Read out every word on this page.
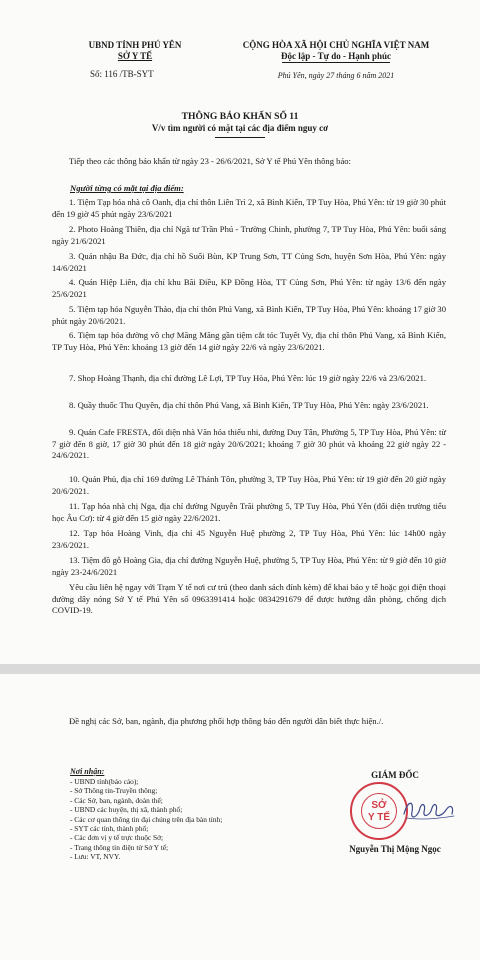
UBND TỈNH PHÚ YÊN
SỞ Y TẾ
Số: 116 /TB-SYT
CỘNG HÒA XÃ HỘI CHỦ NGHĨA VIỆT NAM
Độc lập - Tự do - Hạnh phúc
Phú Yên, ngày 27 tháng 6 năm 2021
THÔNG BÁO KHẨN SỐ 11
V/v tìm người có mặt tại các địa điểm nguy cơ

Tiếp theo các thông báo khẩn từ ngày 23 - 26/6/2021, Sở Y tế Phú Yên thông báo:

Người từng có mặt tại địa điểm:

1. Tiệm Tạp hóa nhà cô Oanh, địa chỉ thôn Liên Trì 2, xã Bình Kiến, TP Tuy Hòa, Phú Yên: từ 19 giờ 30 phút đến 19 giờ 45 phút ngày 23/6/2021

2. Photo Hoàng Thiên, địa chỉ Ngã tư Trần Phú - Trường Chinh, phường 7, TP Tuy Hòa, Phú Yên: buổi sáng ngày 21/6/2021

3. Quán nhậu Ba Đức, địa chỉ hồ Suối Bùn, KP Trung Sơn, TT Củng Sơn, huyện Sơn Hòa, Phú Yên: ngày 14/6/2021

4. Quán Hiệp Liên, địa chỉ khu Bãi Điều, KP Đồng Hòa, TT Củng Sơn, Phú Yên: từ ngày 13/6 đến ngày 25/6/2021

5. Tiệm tạp hóa Nguyễn Thảo, địa chỉ thôn Phú Vang, xã Bình Kiến, TP Tuy Hòa, Phú Yên: khoảng 17 giờ 30 phút ngày 20/6/2021.

6. Tiệm tạp hóa đường vô chợ Măng Măng gần tiệm cắt tóc Tuyết Vy, địa chỉ thôn Phú Vang, xã Bình Kiến, TP Tuy Hòa, Phú Yên: khoảng 13 giờ đến 14 giờ ngày 22/6 và ngày 23/6/2021.

7. Shop Hoàng Thạnh, địa chỉ đường Lê Lợi, TP Tuy Hòa, Phú Yên: lúc 19 giờ ngày 22/6 và 23/6/2021.

8. Quầy thuốc Thu Quyên, địa chỉ thôn Phú Vang, xã Bình Kiến, TP Tuy Hòa, Phú Yên: ngày 23/6/2021.

9. Quán Cafe FRESTA, đối diện nhà Văn hóa thiếu nhi, đường Duy Tân, Phường 5, TP Tuy Hòa, Phú Yên: từ 7 giờ đến 8 giờ, 17 giờ 30 phút đến 18 giờ ngày 20/6/2021; khoảng 7 giờ 30 phút và khoảng 22 giờ ngày 22 - 24/6/2021.

10. Quán Phủ, địa chỉ 169 đường Lê Thánh Tôn, phường 3, TP Tuy Hòa, Phú Yên: từ 19 giờ đến 20 giờ ngày 20/6/2021.

11. Tạp hóa nhà chị Nga, địa chỉ đường Nguyễn Trãi phường 5, TP Tuy Hòa, Phú Yên (đối diện trường tiểu học Âu Cơ): từ 4 giờ đến 15 giờ ngày 22/6/2021.

12. Tạp hóa Hoàng Vinh, địa chỉ 45 Nguyễn Huệ phường 2, TP Tuy Hòa, Phú Yên: lúc 14h00 ngày 23/6/2021.

13. Tiệm đồ gỗ Hoàng Gia, địa chỉ đường Nguyễn Huệ, phường 5, TP Tuy Hòa, Phú Yên: từ 9 giờ đến 10 giờ ngày 23-24/6/2021

Yêu cầu liên hệ ngay với Trạm Y tế nơi cư trú (theo danh sách đính kèm) để khai báo y tế hoặc gọi điện thoại đường dây nóng Sở Y tế Phú Yên số 0963391414 hoặc 0834291679 để được hướng dẫn phòng, chống dịch COVID-19.

Đề nghị các Sở, ban, ngành, địa phương phối hợp thông báo đến người dân biết thực hiện./.

Nơi nhận:

- UBND tỉnh(báo cáo);

- Sở Thông tin-Truyền thông;

- Các Sở, ban, ngành, đoàn thể;

- UBND các huyện, thị xã, thành phố;

- Các cơ quan thông tin đại chúng trên địa bàn tỉnh;

- SYT các tỉnh, thành phố;

- Các đơn vị y tế trực thuộc Sở;

- Trang thông tin điện tử Sở Y tế;

- Lưu: VT, NVY.

GIÁM ĐỐC
SỞ
Y TẾ
Nguyễn Thị Mộng Ngọc
